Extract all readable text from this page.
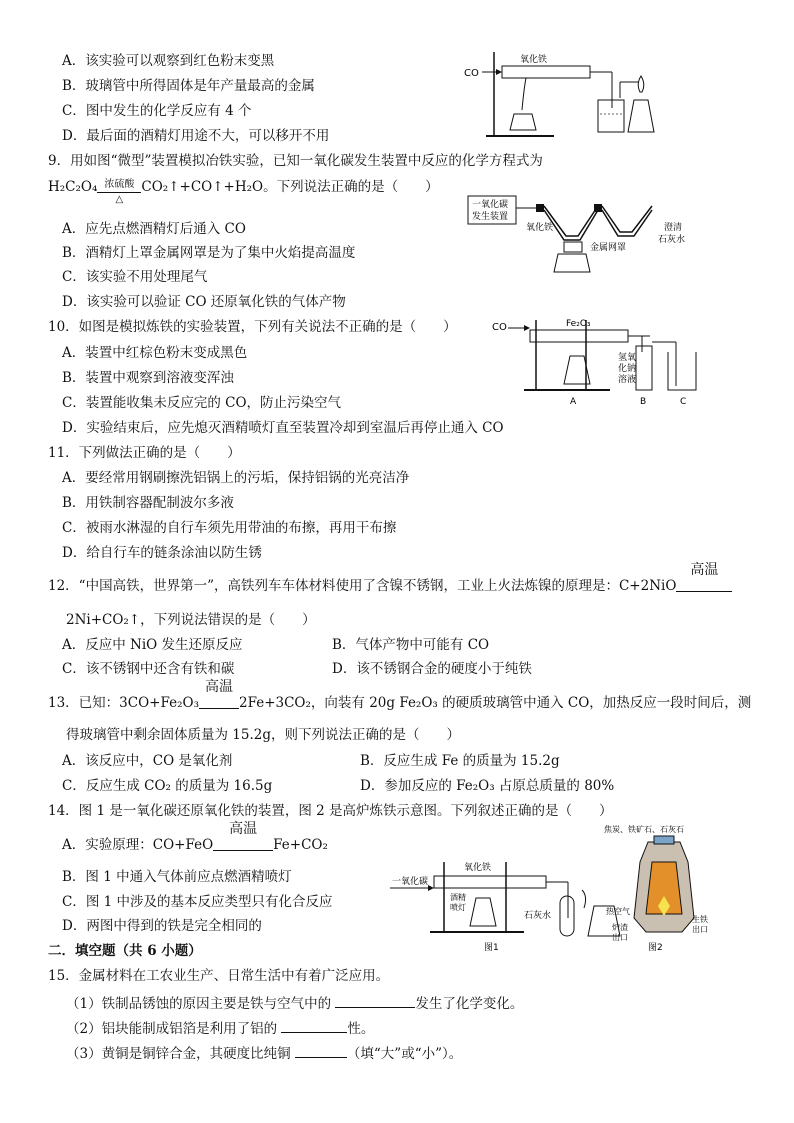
A．该实验可以观察到红色粉末变黑
B．玻璃管中所得固体是年产量最高的金属
C．图中发生的化学反应有 4 个
D．最后面的酒精灯用途不大，可以移开不用
CO
氧化铁
9．用如图“微型”装置模拟冶铁实验，已知一氧化碳发生装置中反应的化学方程式为
H₂C₂O₄ 浓硫酸
△
CO₂↑+CO↑+H₂O。下列说法正确的是（　　）
A．应先点燃酒精灯后通入 CO
B．酒精灯上罩金属网罩是为了集中火焰提高温度
C．该实验不用处理尾气
D．该实验可以验证 CO 还原氧化铁的气体产物
一氧化碳
发生装置
氧化铁
金属网罩
澄清
石灰水
10．如图是模拟炼铁的实验装置，下列有关说法不正确的是（　　）
A．装置中红棕色粉末变成黑色
B．装置中观察到溶液变浑浊
C．装置能收集未反应完的 CO，防止污染空气
D．实验结束后，应先熄灭酒精喷灯直至装置冷却到室温后再停止通入 CO
CO	Fe₂O₃
氢氧
化钠
溶液
A	B	C
11．下列做法正确的是（　　）
A．要经常用钢刷擦洗铝锅上的污垢，保持铝锅的光亮洁净
B．用铁制容器配制波尔多液
C．被雨水淋湿的自行车须先用带油的布擦，再用干布擦
D．给自行车的链条涂油以防生锈
12．“中国高铁，世界第一”，高铁列车车体材料使用了含镍不锈钢，工业上火法炼镍的原理是：C+2NiO
高温
2Ni+CO₂↑，下列说法错误的是（　　）
A．反应中 NiO 发生还原反应	B．气体产物中可能有 CO
C．该不锈钢中还含有铁和碳	D．该不锈钢合金的硬度小于纯铁
13．已知：3CO+Fe₂O₃
高温
2Fe+3CO₂，向装有 20g Fe₂O₃ 的硬质玻璃管中通入 CO，加热反应一段时间后，测
得玻璃管中剩余固体质量为 15.2g，则下列说法正确的是（　　）
A．该反应中，CO 是氧化剂	B．反应生成 Fe 的质量为 15.2g
C．反应生成 CO₂ 的质量为 16.5g	D．参加反应的 Fe₂O₃ 占原总质量的 80%
14．图 1 是一氧化碳还原氧化铁的装置，图 2 是高炉炼铁示意图。下列叙述正确的是（　　）
A．实验原理：CO+FeO
高温
Fe+CO₂
B．图 1 中通入气体前应点燃酒精喷灯
C．图 1 中涉及的基本反应类型只有化合反应
D．两图中得到的铁是完全相同的
一氧化碳
氧化铁
酒精
喷灯
石灰水
图1
焦炭、铁矿石、石灰石
热空气
炉渣
出口
生铁
出口
图2
二．填空题（共 6 小题）
15．金属材料在工农业生产、日常生活中有着广泛应用。
（1）铁制品锈蚀的原因主要是铁与空气中的	发生了化学变化。
（2）铝块能制成铝箔是利用了铝的	性。
（3）黄铜是铜锌合金，其硬度比纯铜	（填“大”或“小”）。
